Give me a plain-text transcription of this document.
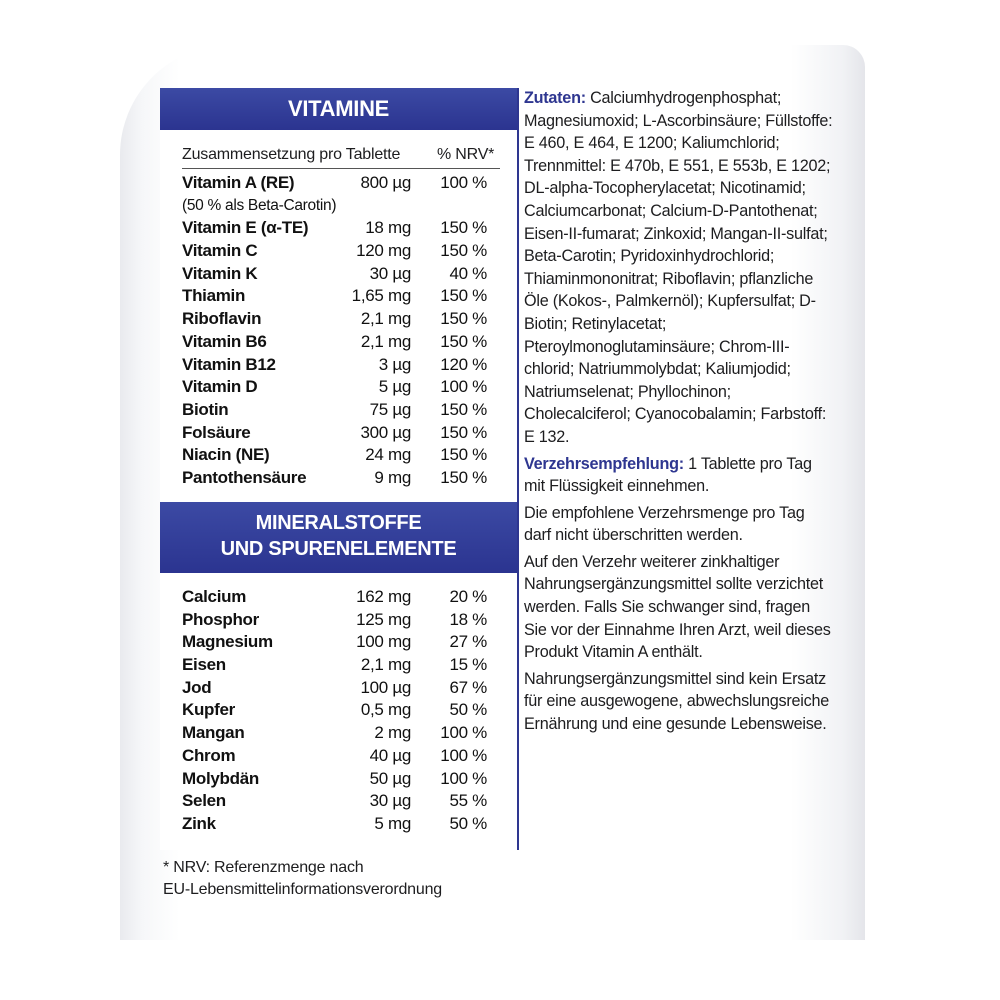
VITAMINE
Zusammensetzung pro Tablette % NRV*
Vitamin A (RE)	800 µg 100 %
(50 % als Beta-Carotin)
Vitamin E (α-TE)	18 mg 150 %
Vitamin C	120 mg 150 %
Vitamin K	30 µg 40 %
Thiamin	1,65 mg 150 %
Riboflavin	2,1 mg 150 %
Vitamin B6	2,1 mg 150 %
Vitamin B12	3 µg 120 %
Vitamin D	5 µg 100 %
Biotin	75 µg 150 %
Folsäure	300 µg 150 %
Niacin (NE)	24 mg 150 %
Pantothensäure	9 mg 150 %
MINERALSTOFFE
UND SPURENELEMENTE
Calcium	162 mg 20 %
Phosphor	125 mg 18 %
Magnesium	100 mg 27 %
Eisen	2,1 mg 15 %
Jod	100 µg 67 %
Kupfer	0,5 mg 50 %
Mangan	2 mg 100 %
Chrom	40 µg 100 %
Molybdän	50 µg 100 %
Selen	30 µg 55 %
Zink	5 mg 50 %
* NRV: Referenzmenge nach
EU-Lebensmittelinformationsverordnung

Zutaten: Calciumhydrogenphosphat; Magnesiumoxid; L-Ascorbinsäure; Füllstoffe: E 460, E 464, E 1200; Kaliumchlorid; Trennmittel: E 470b, E 551, E 553b, E 1202; DL-alpha-Tocopherylacetat; Nicotinamid; Calciumcarbonat; Calcium-D-Pantothenat; Eisen-II-fumarat; Zinkoxid; Mangan-II-sulfat; Beta-Carotin; Pyridoxinhydrochlorid; Thiaminmononitrat; Riboflavin; pflanzliche Öle (Kokos-, Palmkernöl); Kupfersulfat; D-Biotin; Retinylacetat; Pteroylmonoglutaminsäure; Chrom-III-chlorid; Natriummolybdat; Kaliumjodid; Natriumselenat; Phyllochinon; Cholecalciferol; Cyanocobalamin; Farbstoff: E 132.

Verzehrsempfehlung: 1 Tablette pro Tag mit Flüssigkeit einnehmen.

Die empfohlene Verzehrsmenge pro Tag darf nicht überschritten werden.

Auf den Verzehr weiterer zinkhaltiger Nahrungsergänzungsmittel sollte verzichtet werden. Falls Sie schwanger sind, fragen Sie vor der Einnahme Ihren Arzt, weil dieses Produkt Vitamin A enthält.

Nahrungsergänzungsmittel sind kein Ersatz für eine ausgewogene, abwechslungsreiche Ernährung und eine gesunde Lebensweise.
